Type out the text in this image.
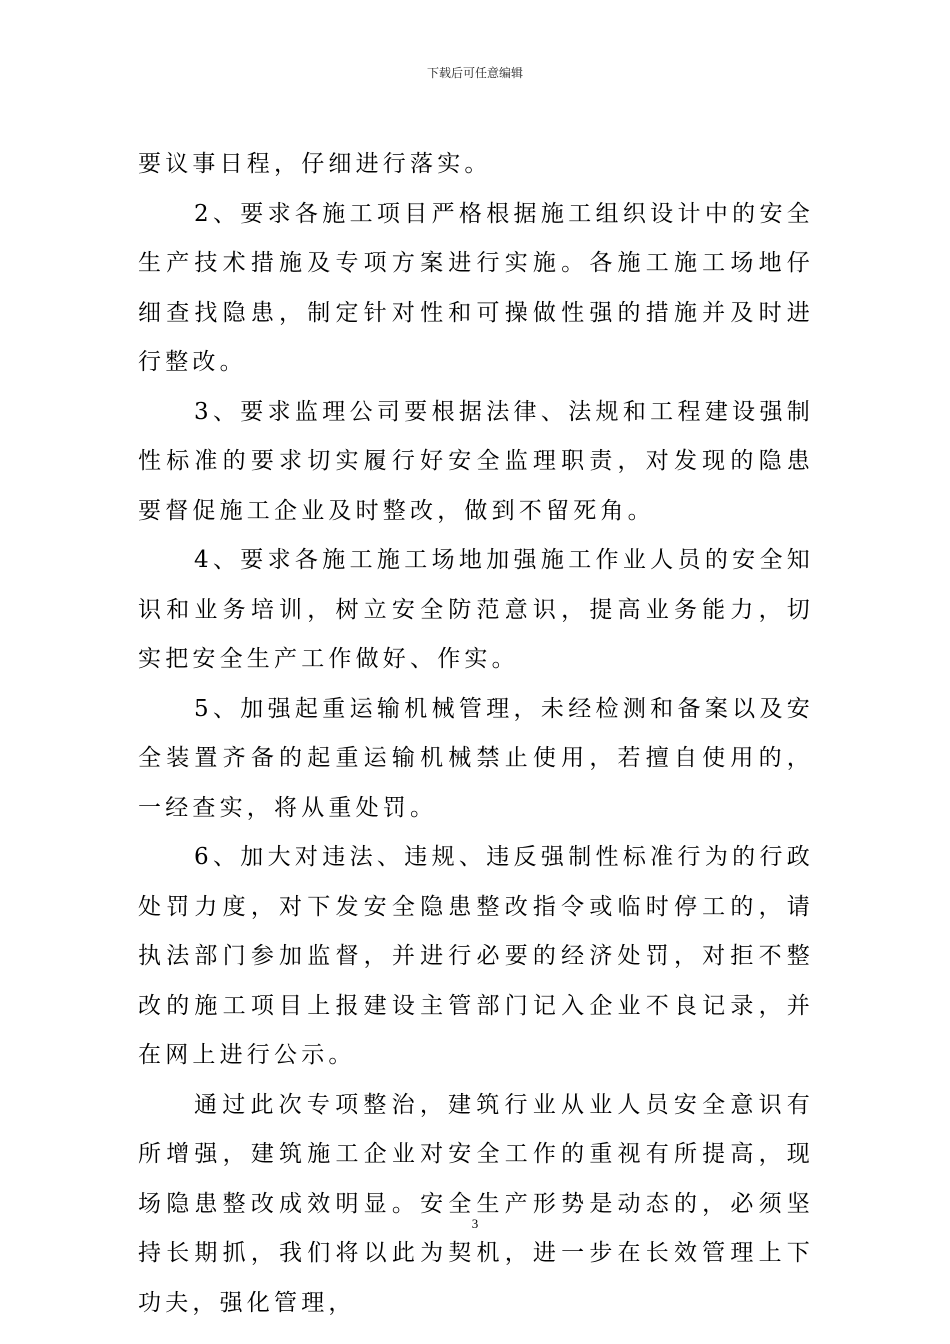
下载后可任意编辑

要议事日程，仔细进行落实。

2、要求各施工项目严格根据施工组织设计中的安全生产技术措施及专项方案进行实施。各施工施工场地仔细查找隐患，制定针对性和可操做性强的措施并及时进行整改。

3、要求监理公司要根据法律、法规和工程建设强制性标准的要求切实履行好安全监理职责，对发现的隐患要督促施工企业及时整改，做到不留死角。

4、要求各施工施工场地加强施工作业人员的安全知识和业务培训，树立安全防范意识，提高业务能力，切实把安全生产工作做好、作实。

5、加强起重运输机械管理，未经检测和备案以及安全装置齐备的起重运输机械禁止使用，若擅自使用的，一经查实，将从重处罚。

6、加大对违法、违规、违反强制性标准行为的行政处罚力度，对下发安全隐患整改指令或临时停工的，请执法部门参加监督，并进行必要的经济处罚，对拒不整改的施工项目上报建设主管部门记入企业不良记录，并在网上进行公示。

通过此次专项整治，建筑行业从业人员安全意识有所增强，建筑施工企业对安全工作的重视有所提高，现场隐患整改成效明显。安全生产形势是动态的，必须坚持长期抓，我们将以此为契机，进一步在长效管理上下功夫，强化管理，

3
